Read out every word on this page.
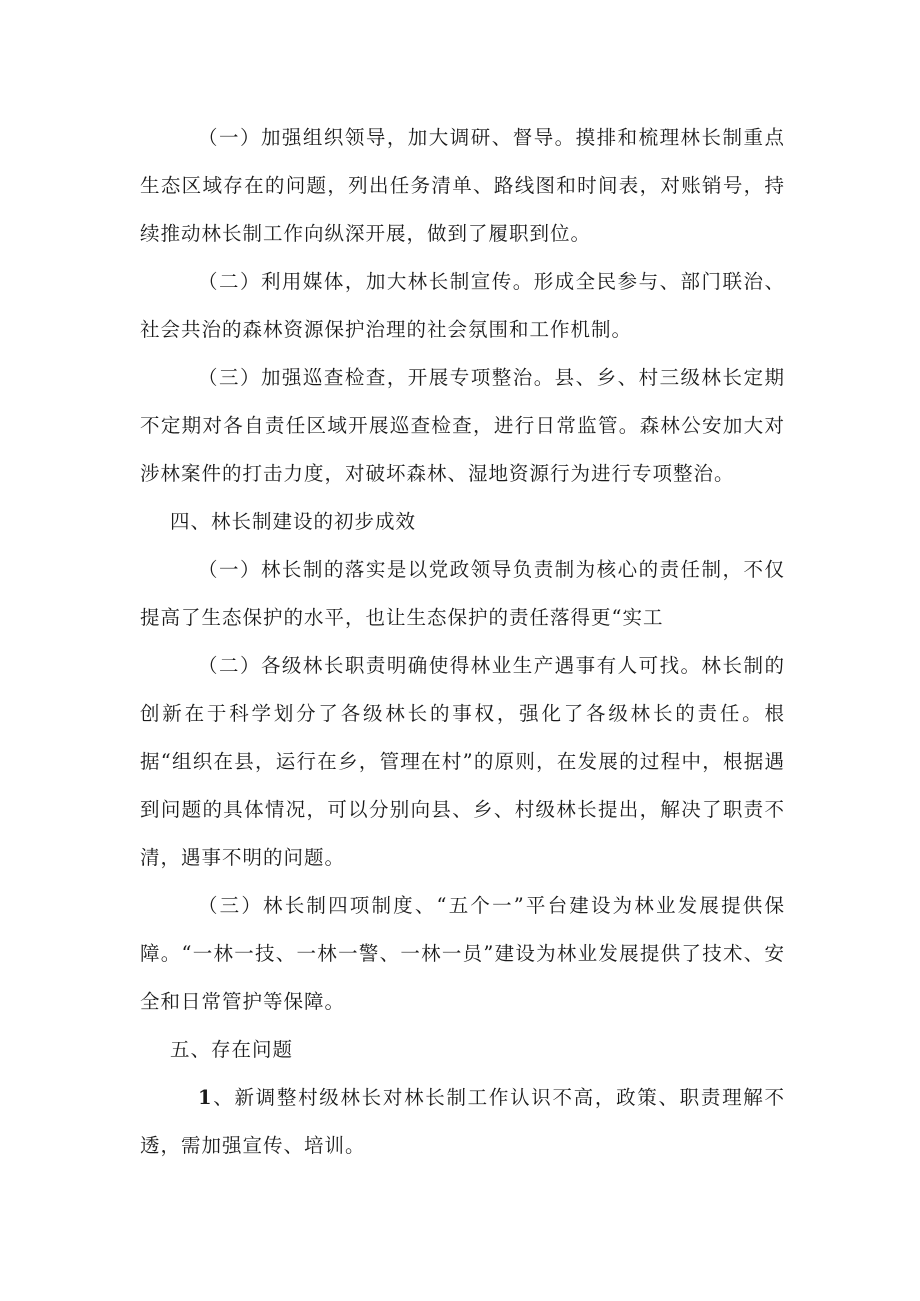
（一）加强组织领导，加大调研、督导。摸排和梳理林长制重点生态区域存在的问题，列出任务清单、路线图和时间表，对账销号，持续推动林长制工作向纵深开展，做到了履职到位。

（二）利用媒体，加大林长制宣传。形成全民参与、部门联治、社会共治的森林资源保护治理的社会氛围和工作机制。

（三）加强巡查检查，开展专项整治。县、乡、村三级林长定期不定期对各自责任区域开展巡查检查，进行日常监管。森林公安加大对涉林案件的打击力度，对破坏森林、湿地资源行为进行专项整治。

四、林长制建设的初步成效

（一）林长制的落实是以党政领导负责制为核心的责任制，不仅提高了生态保护的水平，也让生态保护的责任落得更“实工

（二）各级林长职责明确使得林业生产遇事有人可找。林长制的创新在于科学划分了各级林长的事权，强化了各级林长的责任。根据“组织在县，运行在乡，管理在村”的原则，在发展的过程中，根据遇到问题的具体情况，可以分别向县、乡、村级林长提出，解决了职责不清，遇事不明的问题。

（三）林长制四项制度、“五个一”平台建设为林业发展提供保障。“一林一技、一林一警、一林一员”建设为林业发展提供了技术、安全和日常管护等保障。

五、存在问题

1、新调整村级林长对林长制工作认识不高，政策、职责理解不透，需加强宣传、培训。
